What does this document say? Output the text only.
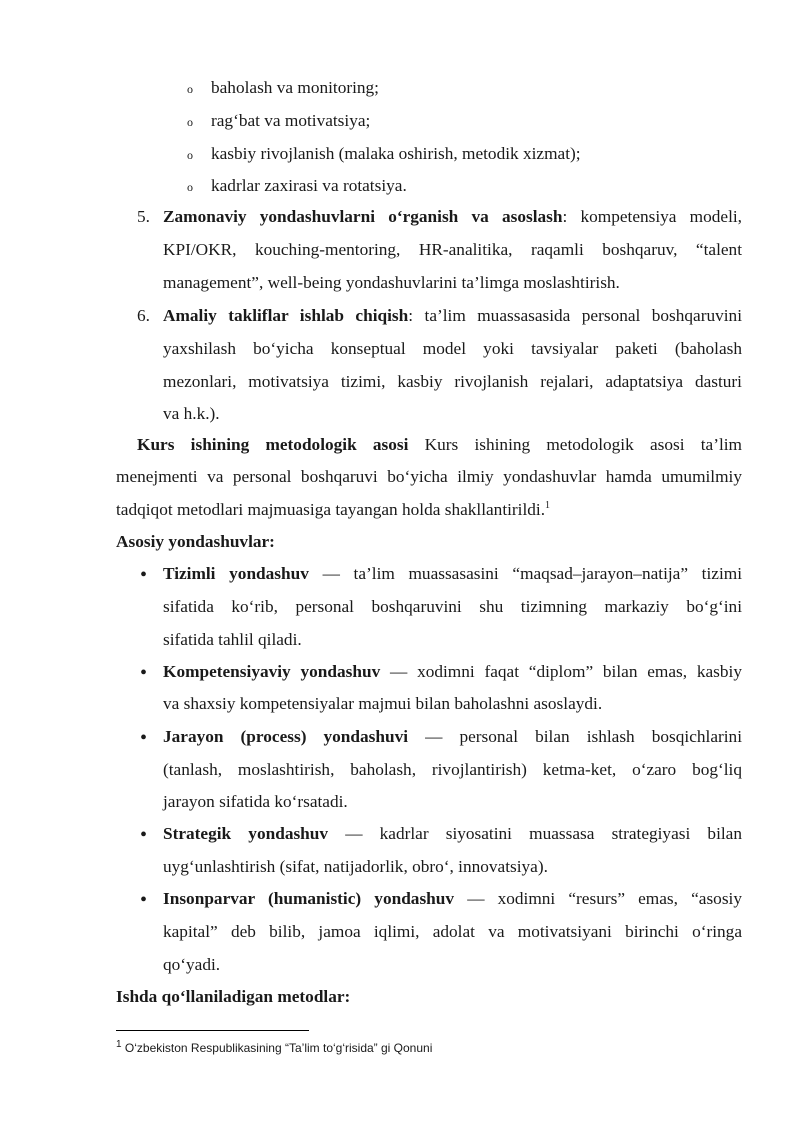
o baholash va monitoring;
o rag‘bat va motivatsiya;
o kasbiy rivojlanish (malaka oshirish, metodik xizmat);
o kadrlar zaxirasi va rotatsiya.
5. Zamonaviy yondashuvlarni o‘rganish va asoslash: kompetensiya modeli,
KPI/OKR, kouching-mentoring, HR-analitika, raqamli boshqaruv, “talent
management”, well-being yondashuvlarini ta’limga moslashtirish.
6. Amaliy takliflar ishlab chiqish: ta’lim muassasasida personal boshqaruvini
yaxshilash bo‘yicha konseptual model yoki tavsiyalar paketi (baholash
mezonlari, motivatsiya tizimi, kasbiy rivojlanish rejalari, adaptatsiya dasturi
va h.k.).
Kurs ishining metodologik asosi Kurs ishining metodologik asosi ta’lim
menejmenti va personal boshqaruvi bo‘yicha ilmiy yondashuvlar hamda umumilmiy
tadqiqot metodlari majmuasiga tayangan holda shakllantirildi.$^1$
Asosiy yondashuvlar:
• Tizimli yondashuv — ta’lim muassasasini “maqsad–jarayon–natija” tizimi
sifatida ko‘rib, personal boshqaruvini shu tizimning markaziy bo‘g‘ini
sifatida tahlil qiladi.
• Kompetensiyaviy yondashuv — xodimni faqat “diplom” bilan emas, kasbiy
va shaxsiy kompetensiyalar majmui bilan baholashni asoslaydi.
• Jarayon (process) yondashuvi — personal bilan ishlash bosqichlarini
(tanlash, moslashtirish, baholash, rivojlantirish) ketma-ket, o‘zaro bog‘liq
jarayon sifatida ko‘rsatadi.
• Strategik yondashuv — kadrlar siyosatini muassasa strategiyasi bilan
uyg‘unlashtirish (sifat, natijadorlik, obro‘, innovatsiya).
• Insonparvar (humanistic) yondashuv — xodimni “resurs” emas, “asosiy
kapital” deb bilib, jamoa iqlimi, adolat va motivatsiyani birinchi o‘ringa
qo‘yadi.
Ishda qo‘llaniladigan metodlar:
$^1$ O‘zbekiston Respublikasining “Ta’lim to‘g‘risida” gi Qonuni
